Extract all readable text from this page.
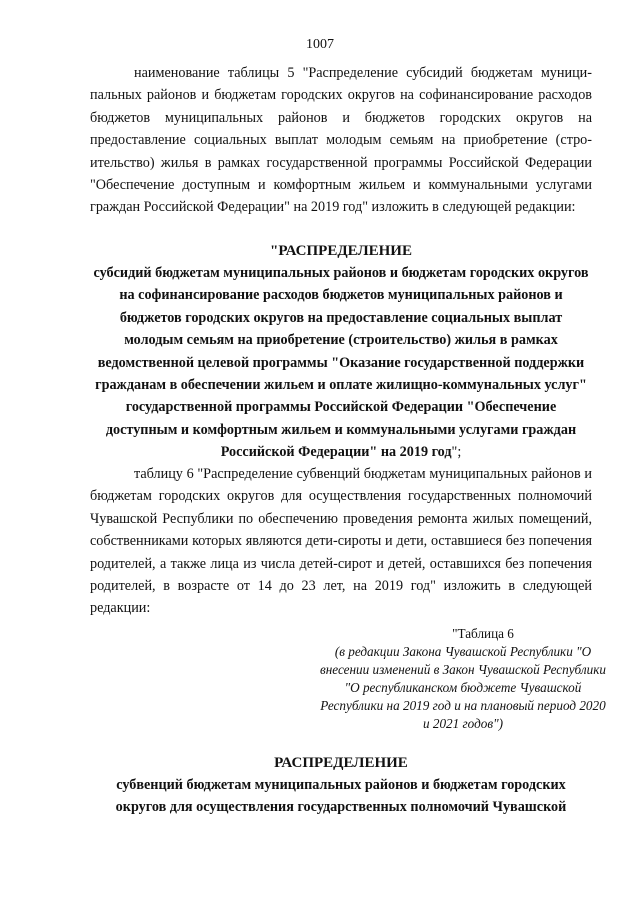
1007

наименование таблицы 5 "Распределение субсидий бюджетам муниципальных районов и бюджетам городских округов на софинансирование расходов бюджетов муниципальных районов и бюджетов городских округов на предоставление социальных выплат молодым семьям на приобретение (строительство) жилья в рамках государственной программы Российской Федерации "Обеспечение доступным и комфортным жильем и коммунальными услугами граждан Российской Федерации" на 2019 год" изложить в следующей редакции:

"РАСПРЕДЕЛЕНИЕ
субсидий бюджетам муниципальных районов и бюджетам городских округов на софинансирование расходов бюджетов муниципальных районов и бюджетов городских округов на предоставление социальных выплат молодым семьям на приобретение (строительство) жилья в рамках ведомственной целевой программы "Оказание государственной поддержки гражданам в обеспечении жильем и оплате жилищно-коммунальных услуг" государственной программы Российской Федерации "Обеспечение доступным и комфортным жильем и коммунальными услугами граждан Российской Федерации" на 2019 год";

таблицу 6 "Распределение субвенций бюджетам муниципальных районов и бюджетам городских округов для осуществления государственных полномочий Чувашской Республики по обеспечению проведения ремонта жилых помещений, собственниками которых являются дети-сироты и дети, оставшиеся без попечения родителей, а также лица из числа детей-сирот и детей, оставшихся без попечения родителей, в возрасте от 14 до 23 лет, на 2019 год" изложить в следующей редакции:

"Таблица 6
(в редакции Закона Чувашской Республики "О внесении изменений в Закон Чувашской Республики "О республиканском бюджете Чувашской Республики на 2019 год и на плановый период 2020 и 2021 годов")
РАСПРЕДЕЛЕНИЕ
субвенций бюджетам муниципальных районов и бюджетам городских округов для осуществления государственных полномочий Чувашской
